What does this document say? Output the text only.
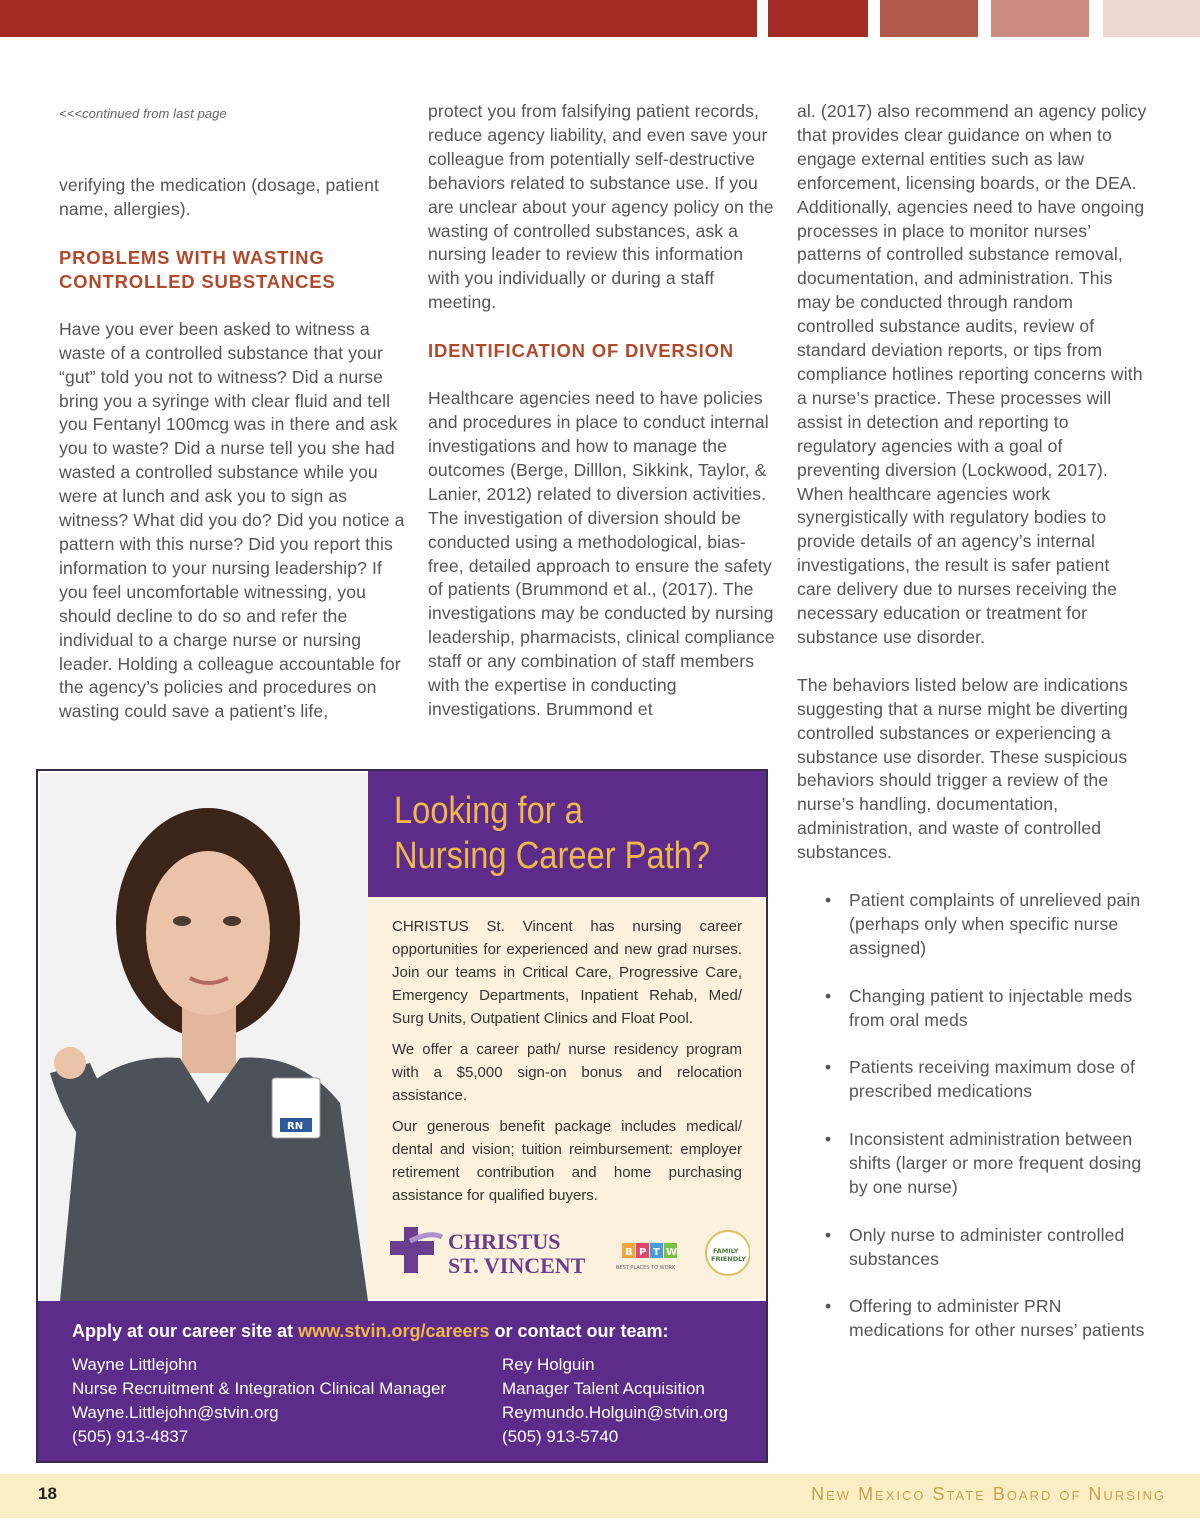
<<<continued from last page

verifying the medication (dosage, patient name, allergies).

PROBLEMS WITH WASTING CONTROLLED SUBSTANCES

Have you ever been asked to witness a waste of a controlled substance that your “gut” told you not to witness? Did a nurse bring you a syringe with clear fluid and tell you Fentanyl 100mcg was in there and ask you to waste? Did a nurse tell you she had wasted a controlled substance while you were at lunch and ask you to sign as witness? What did you do? Did you notice a pattern with this nurse? Did you report this information to your nursing leadership? If you feel uncomfortable witnessing, you should decline to do so and refer the individual to a charge nurse or nursing leader. Holding a colleague accountable for the agency’s policies and procedures on wasting could save a patient’s life,

protect you from falsifying patient records, reduce agency liability, and even save your colleague from potentially self-destructive behaviors related to substance use. If you are unclear about your agency policy on the wasting of controlled substances, ask a nursing leader to review this information with you individually or during a staff meeting.

IDENTIFICATION OF DIVERSION

Healthcare agencies need to have policies and procedures in place to conduct internal investigations and how to manage the outcomes (Berge, Dilllon, Sikkink, Taylor, & Lanier, 2012) related to diversion activities. The investigation of diversion should be conducted using a methodological, bias-free, detailed approach to ensure the safety of patients (Brummond et al., (2017). The investigations may be conducted by nursing leadership, pharmacists, clinical compliance staff or any combination of staff members with the expertise in conducting investigations. Brummond et

al. (2017) also recommend an agency policy that provides clear guidance on when to engage external entities such as law enforcement, licensing boards, or the DEA. Additionally, agencies need to have ongoing processes in place to monitor nurses’ patterns of controlled substance removal, documentation, and administration. This may be conducted through random controlled substance audits, review of standard deviation reports, or tips from compliance hotlines reporting concerns with a nurse’s practice. These processes will assist in detection and reporting to regulatory agencies with a goal of preventing diversion (Lockwood, 2017). When healthcare agencies work synergistically with regulatory bodies to provide details of an agency’s internal investigations, the result is safer patient care delivery due to nurses receiving the necessary education or treatment for substance use disorder.

The behaviors listed below are indications suggesting that a nurse might be diverting controlled substances or experiencing a substance use disorder. These suspicious behaviors should trigger a review of the nurse’s handling, documentation, administration, and waste of controlled substances.

• Patient complaints of unrelieved pain (perhaps only when specific nurse assigned)
• Changing patient to injectable meds from oral meds
• Patients receiving maximum dose of prescribed medications
• Inconsistent administration between shifts (larger or more frequent dosing by one nurse)
• Only nurse to administer controlled substances
• Offering to administer PRN medications for other nurses’ patients
RN
Looking for a
Nursing Career Path?

CHRISTUS St. Vincent has nursing career opportunities for experienced and new grad nurses. Join our teams in Critical Care, Progressive Care, Emergency Departments, Inpatient Rehab, Med/ Surg Units, Outpatient Clinics and Float Pool.

We offer a career path/ nurse residency program with a $5,000 sign-on bonus and relocation assistance.

Our generous benefit package includes medical/ dental and vision; tuition reimbursement: employer retirement contribution and home purchasing assistance for qualified buyers.

CHRISTUS
ST. VINCENT
B P T W
BEST PLACES TO WORK
FAMILY
FRIENDLY
Apply at our career site at www.stvin.org/careers or contact our team:

Wayne Littlejohn

Nurse Recruitment & Integration Clinical Manager

Wayne.Littlejohn@stvin.org

(505) 913-4837

Rey Holguin

Manager Talent Acquisition

Reymundo.Holguin@stvin.org

(505) 913-5740

18	New Mexico State Board of Nursing
